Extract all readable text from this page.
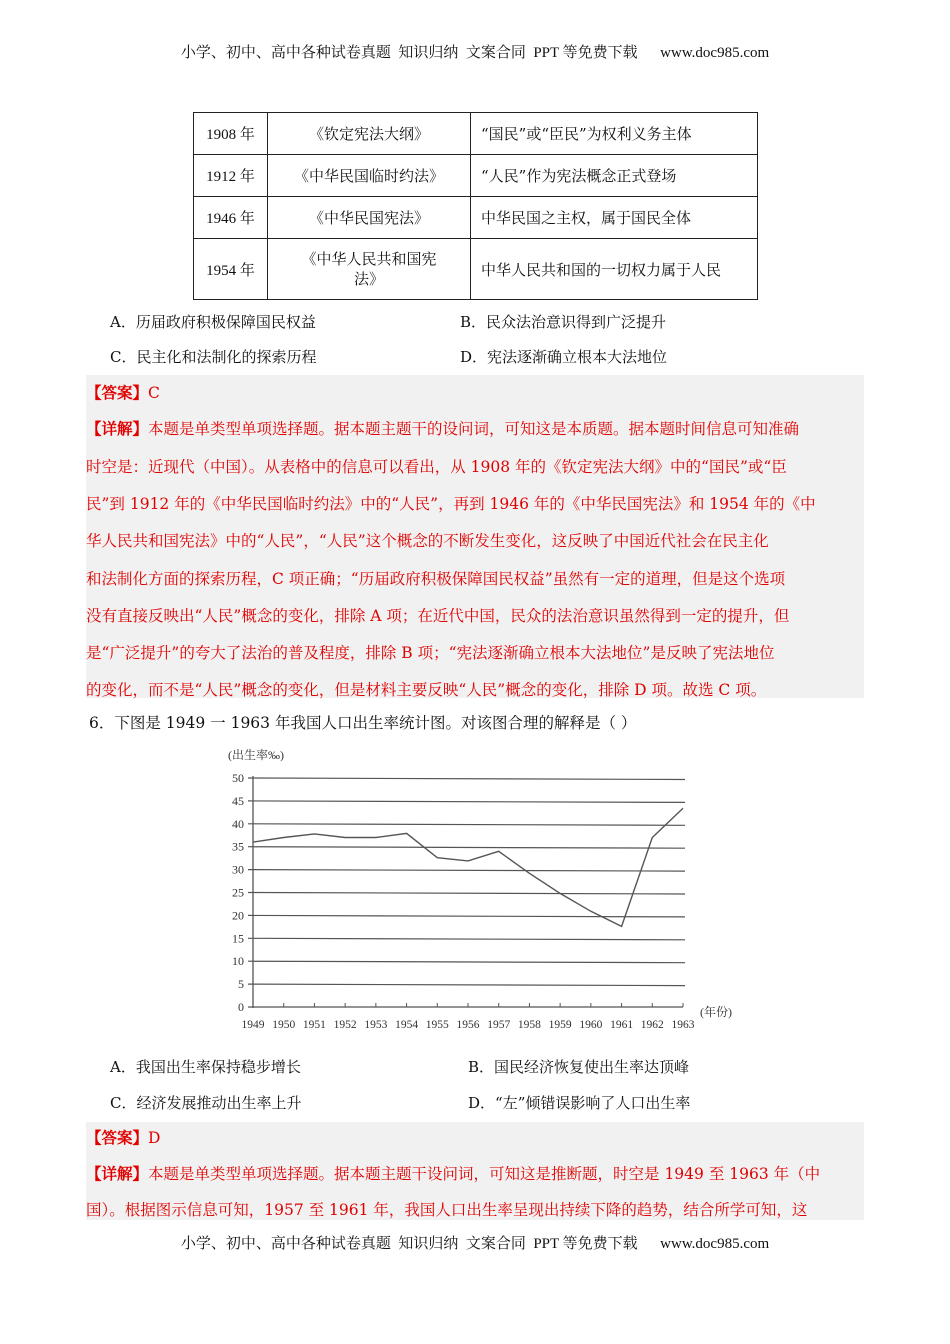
小学、初中、高中各种试卷真题  知识归纳  文案合同  PPT 等免费下载      www.doc985.com
1908 年	《钦定宪法大纲》	“国民”或“臣民”为权利义务主体
1912 年	《中华民国临时约法》	“人民”作为宪法概念正式登场
1946 年	《中华民国宪法》	中华民国之主权，属于国民全体
1954 年	《中华人民共和国宪
法》	中华人民共和国的一切权力属于人民
A．历届政府积极保障国民权益	B．民众法治意识得到广泛提升
C．民主化和法制化的探索历程	D．宪法逐渐确立根本大法地位
【答案】C
【详解】本题是单类型单项选择题。据本题主题干的设问词，可知这是本质题。据本题时间信息可知准确
时空是：近现代（中国）。从表格中的信息可以看出，从 1908 年的《钦定宪法大纲》中的“国民”或“臣
民”到 1912 年的《中华民国临时约法》中的“人民”，再到 1946 年的《中华民国宪法》和 1954 年的《中
华人民共和国宪法》中的“人民”，“人民”这个概念的不断发生变化，这反映了中国近代社会在民主化
和法制化方面的探索历程，C 项正确；“历届政府积极保障国民权益”虽然有一定的道理，但是这个选项
没有直接反映出“人民”概念的变化，排除 A 项；在近代中国，民众的法治意识虽然得到一定的提升，但
是“广泛提升”的夸大了法治的普及程度，排除 B 项；“宪法逐渐确立根本大法地位”是反映了宪法地位
的变化，而不是“人民”概念的变化，但是材料主要反映“人民”概念的变化，排除 D 项。故选 C 项。
6．下图是 1949 一 1963 年我国人口出生率统计图。对该图合理的解释是（ ）
0
5
10
15
20
25
30
35
40
45
50
1949 1950 1951 1952 1953 1954 1955 1956 1957 1958 1959 1960 1961 1962 1963
(出生率‰)
(年份)
A．我国出生率保持稳步增长	B．国民经济恢复使出生率达顶峰
C．经济发展推动出生率上升	D．“左”倾错误影响了人口出生率
【答案】D
【详解】本题是单类型单项选择题。据本题主题干设问词，可知这是推断题，时空是 1949 至 1963 年（中
国）。根据图示信息可知，1957 至 1961 年，我国人口出生率呈现出持续下降的趋势，结合所学可知，这
小学、初中、高中各种试卷真题  知识归纳  文案合同  PPT 等免费下载      www.doc985.com
